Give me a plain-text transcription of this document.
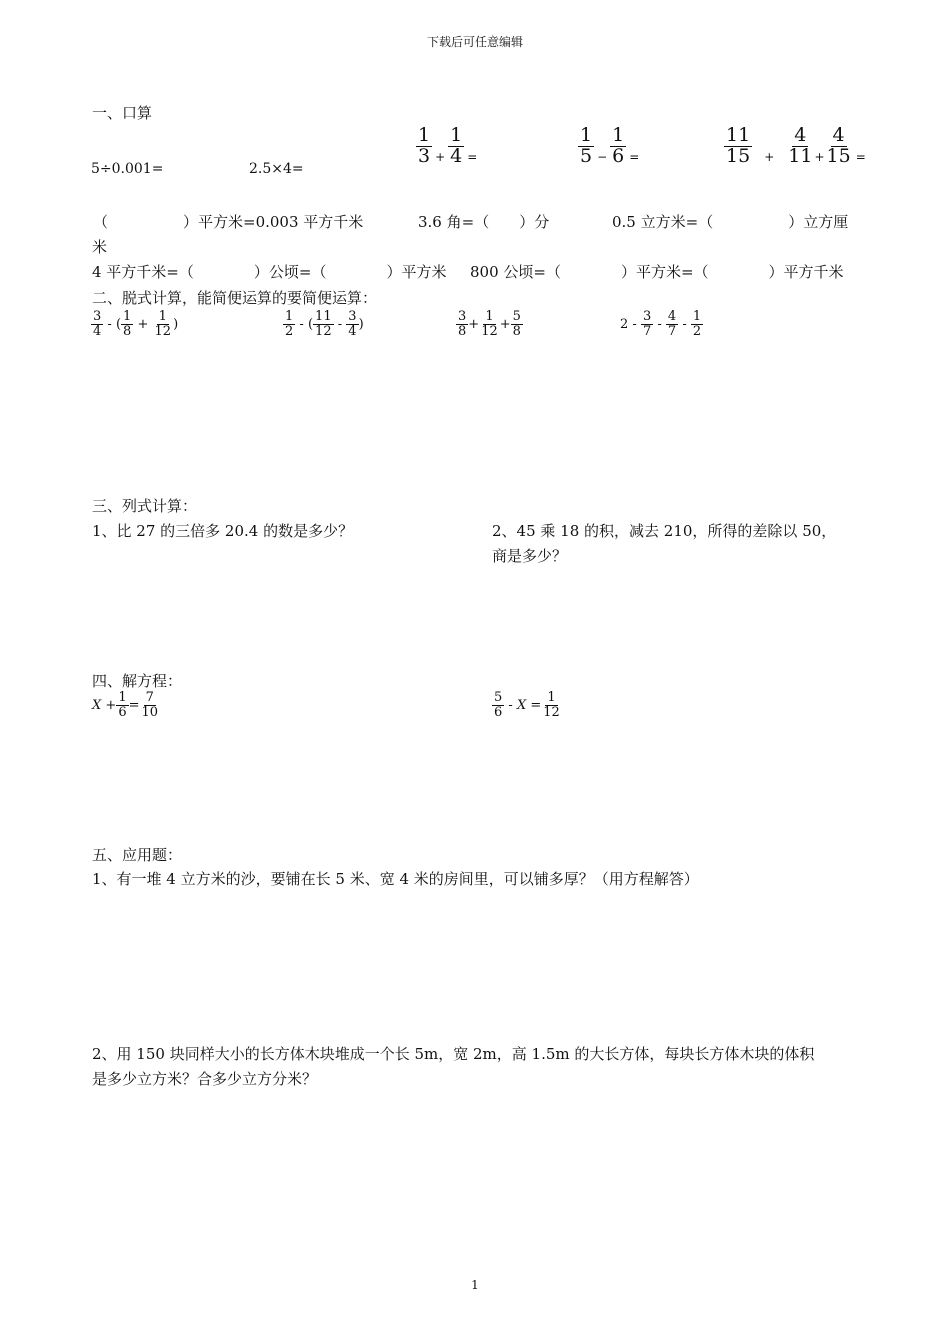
下载后可任意编辑
一、口算
5÷0.001=	2.5×4=
$\frac{1}{3} + \frac{1}{4}$ =	$\frac{1}{5} - \frac{1}{6}$ =	$\frac{11}{15} + \frac{4}{11} + \frac{4}{15}$ =
（　　　　　）平方米=0.003 平方千米	3.6 角=（　　）分	0.5 立方米=（　　　　　）立方厘
米
4 平方千米=（　　　　）公顷=（　　　　）平方米 800 公顷=（　　　　）平方米=（　　　　）平方千米
二、脱式计算，能简便运算的要简便运算：
$\frac{3}{4}$ - ( $\frac{1}{8} + \frac{1}{12}$ )	$\frac{1}{2}$ - ( $\frac{11}{12} - \frac{3}{4}$ )	$\frac{3}{8} + \frac{1}{12} + \frac{5}{8}$	$2 - \frac{3}{7} - \frac{4}{7} - \frac{1}{2}$
三、列式计算：
1、比 27 的三倍多 20.4 的数是多少？	2、45 乘 18 的积，减去 210，所得的差除以 50，
商是多少？
四、解方程：
$X + \frac{1}{6} = \frac{7}{10}$	$\frac{5}{6} - X = \frac{1}{12}$
五、应用题：
1、有一堆 4 立方米的沙，要铺在长 5 米、宽 4 米的房间里，可以铺多厚？（用方程解答）
2、用 150 块同样大小的长方体木块堆成一个长 5m，宽 2m，高 1.5m 的大长方体，每块长方体木块的体积
是多少立方米？合多少立方分米？
1
